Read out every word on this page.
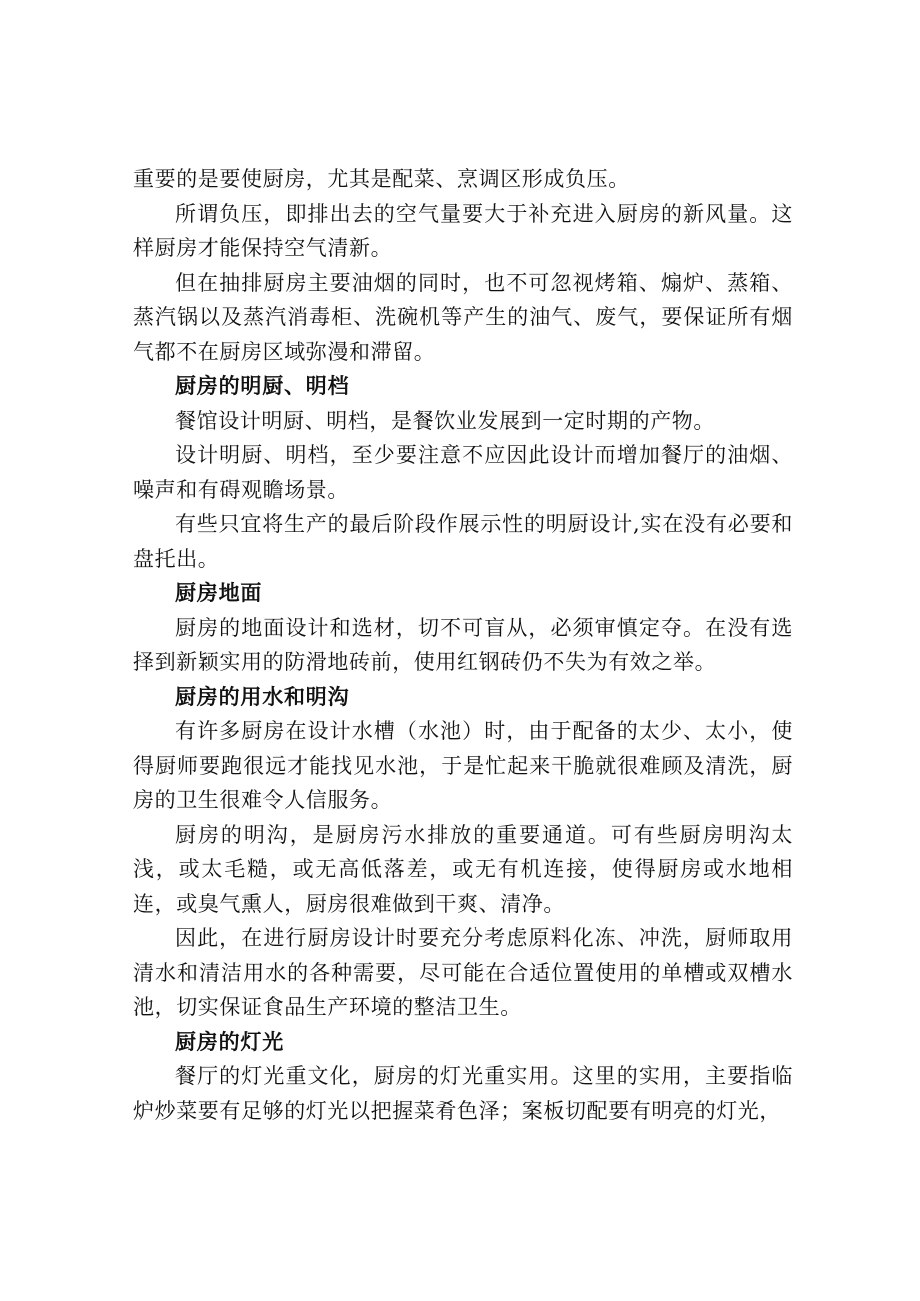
重要的是要使厨房，尤其是配菜、烹调区形成负压。

所谓负压，即排出去的空气量要大于补充进入厨房的新风量。这样厨房才能保持空气清新。

但在抽排厨房主要油烟的同时，也不可忽视烤箱、煽炉、蒸箱、蒸汽锅以及蒸汽消毒柜、洗碗机等产生的油气、废气，要保证所有烟气都不在厨房区域弥漫和滞留。

厨房的明厨、明档

餐馆设计明厨、明档，是餐饮业发展到一定时期的产物。

设计明厨、明档，至少要注意不应因此设计而增加餐厅的油烟、噪声和有碍观瞻场景。

有些只宜将生产的最后阶段作展示性的明厨设计,实在没有必要和盘托出。

厨房地面

厨房的地面设计和选材，切不可盲从，必须审慎定夺。在没有选择到新颖实用的防滑地砖前，使用红钢砖仍不失为有效之举。

厨房的用水和明沟

有许多厨房在设计水槽（水池）时，由于配备的太少、太小，使得厨师要跑很远才能找见水池，于是忙起来干脆就很难顾及清洗，厨房的卫生很难令人信服务。

厨房的明沟，是厨房污水排放的重要通道。可有些厨房明沟太浅，或太毛糙，或无高低落差，或无有机连接，使得厨房或水地相连，或臭气熏人，厨房很难做到干爽、清净。

因此，在进行厨房设计时要充分考虑原料化冻、冲洗，厨师取用清水和清洁用水的各种需要，尽可能在合适位置使用的单槽或双槽水池，切实保证食品生产环境的整洁卫生。

厨房的灯光

餐厅的灯光重文化，厨房的灯光重实用。这里的实用，主要指临炉炒菜要有足够的灯光以把握菜肴色泽；案板切配要有明亮的灯光，
